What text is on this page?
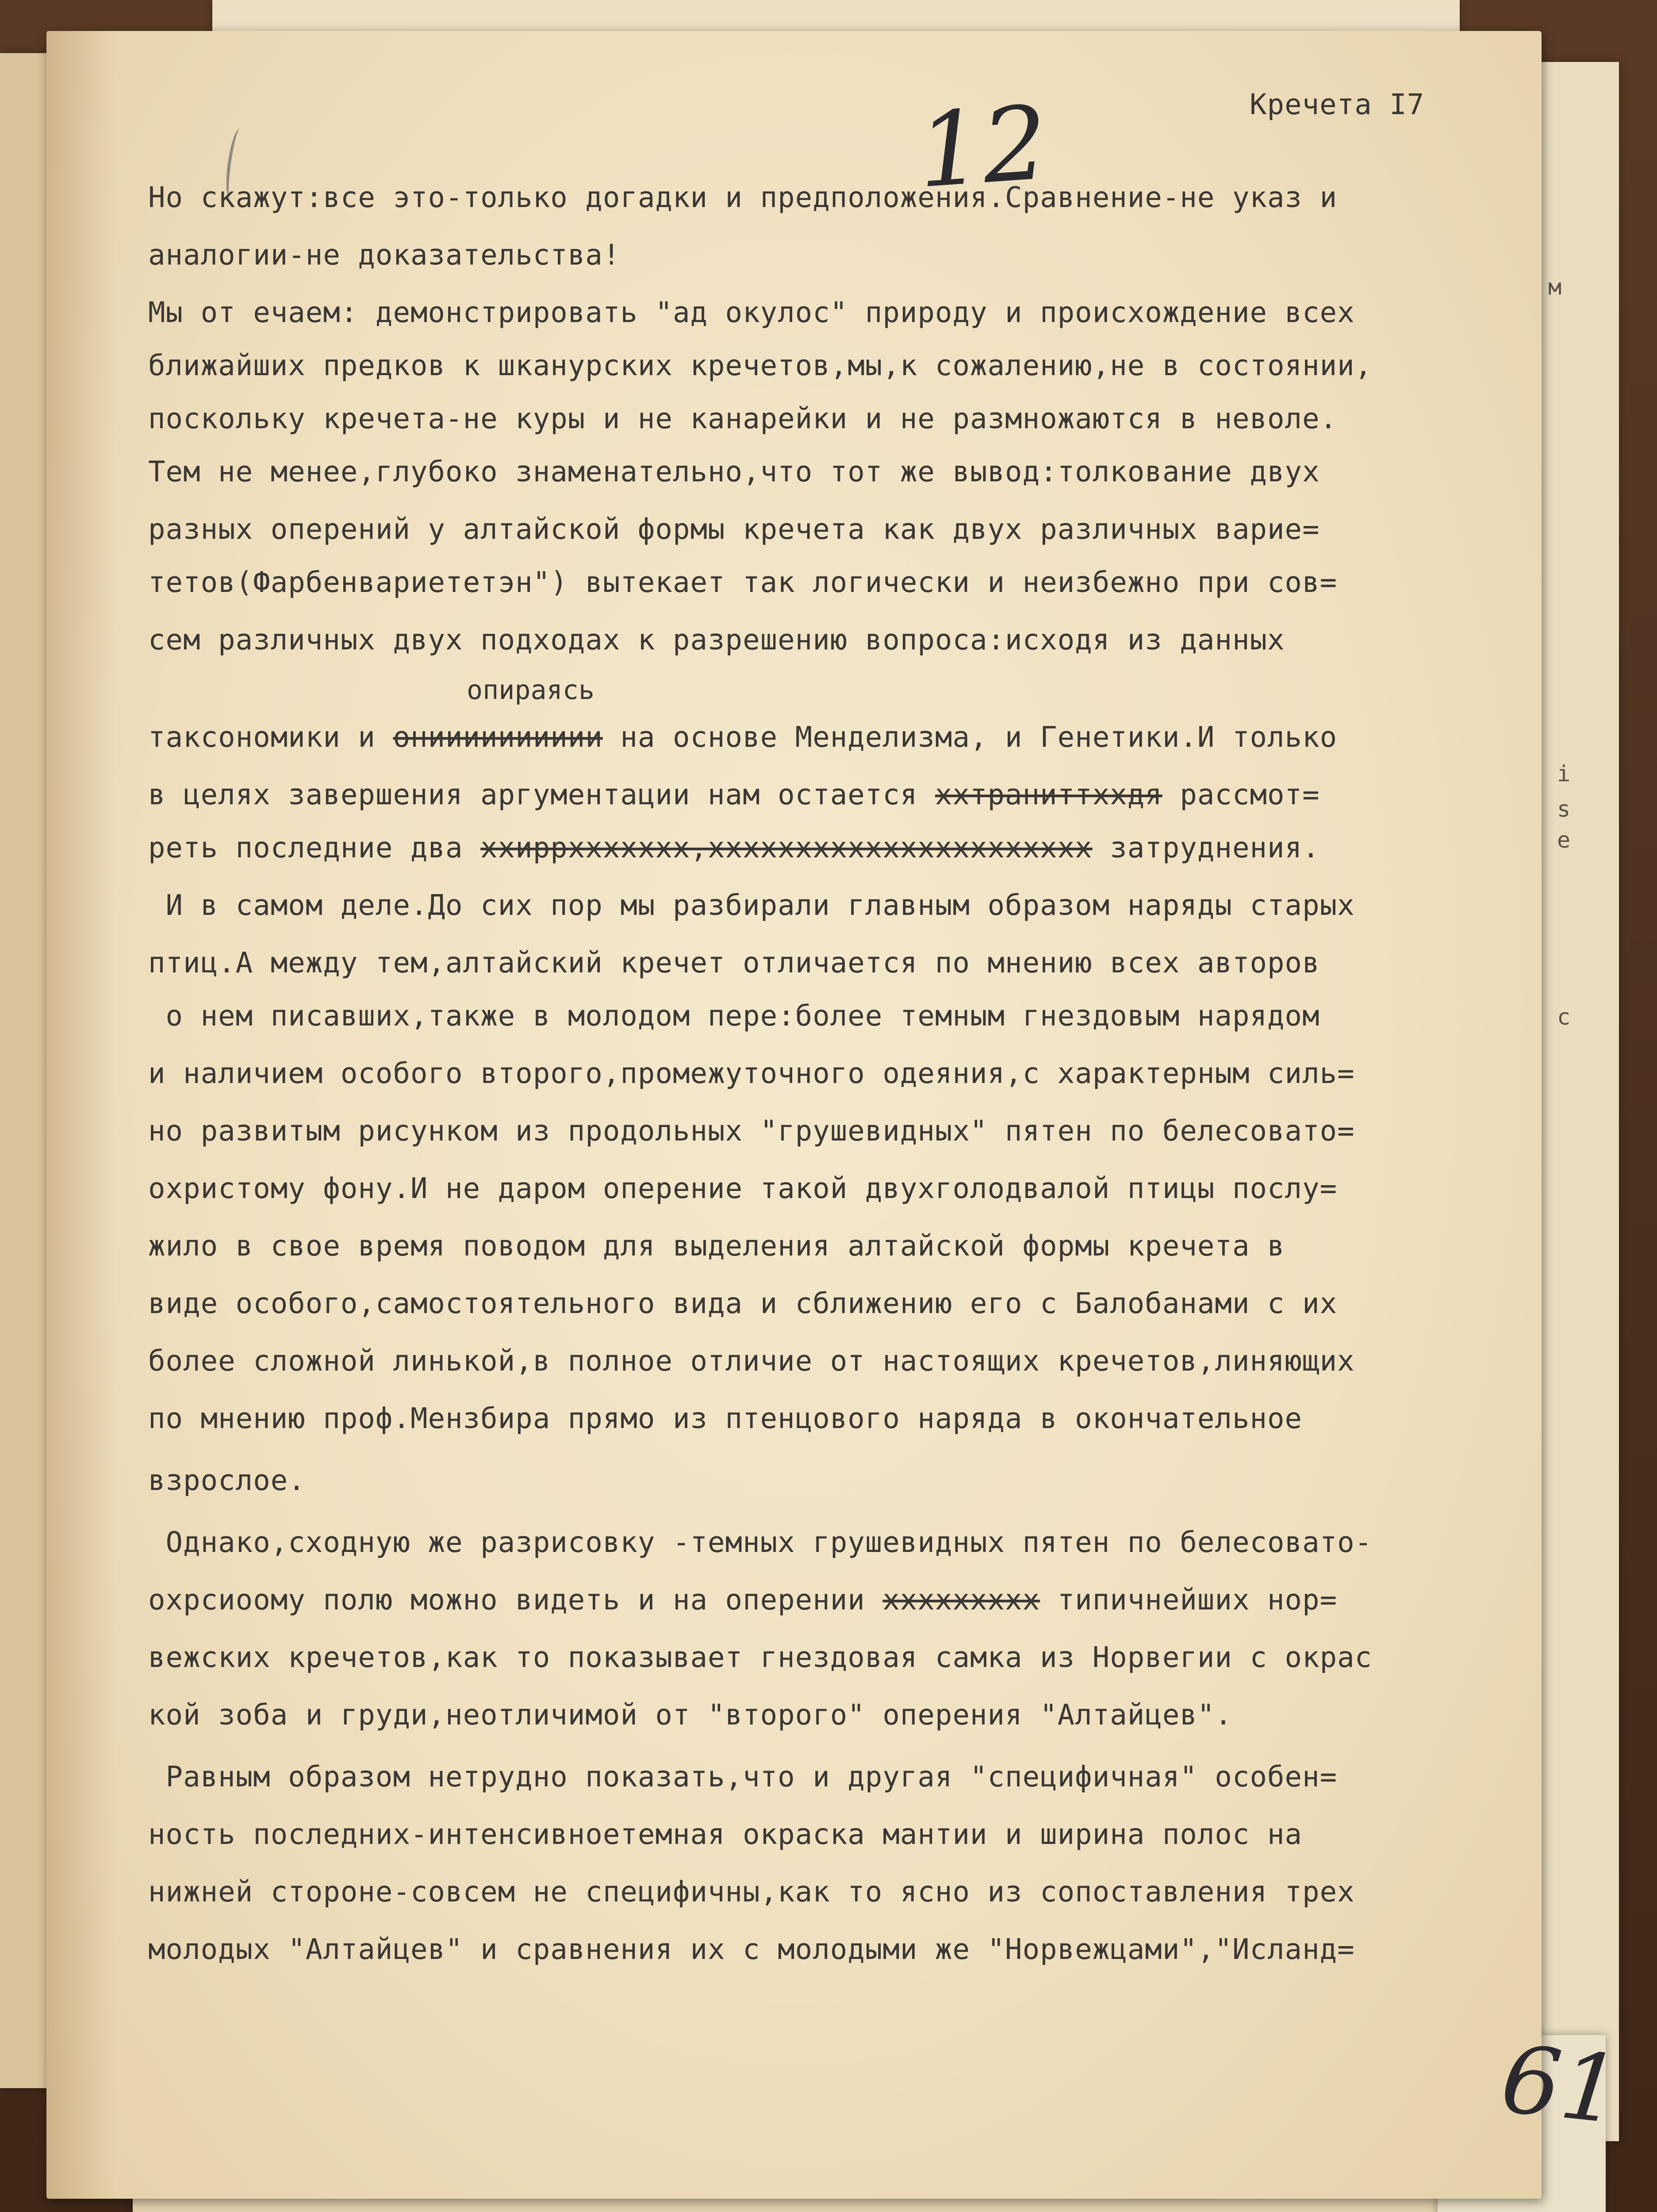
м
i
s
e
c
Кречета I7
12
Но скажут:все это-только догадки и предположения.Сравнение-не указ и
аналогии-не доказательства!
Мы от ечаем: демонстрировать "ад окулос" природу и происхождение всех
ближайших предков к шканурских кречетов,мы,к сожалению,не в состоянии,
поскольку кречета-не куры и не канарейки и не размножаются в неволе.
Тем не менее,глубоко знаменательно,что тот же вывод:толкование двух
разных оперений у алтайской формы кречета как двух различных варие=
тетов(Фарбенвариететэн") вытекает так логически и неизбежно при сов=
сем различных двух подходах к разрешению вопроса:исходя из данных
опираясь
таксономики и онииииииииии на основе Менделизма, и Генетики.И только
в целях завершения аргументации нам остается ххтраниттххдя рассмот=
реть последние два ххиррххххххх,хххххххххххххххххххххх затруднения.
И в самом деле.До сих пор мы разбирали главным образом наряды старых
птиц.А между тем,алтайский кречет отличается по мнению всех авторов
о нем писавших,также в молодом пере:более темным гнездовым нарядом
и наличием особого второго,промежуточного одеяния,с характерным силь=
но развитым рисунком из продольных "грушевидных" пятен по белесовато=
охристому фону.И не даром оперение такой двухголодвалой птицы послу=
жило в свое время поводом для выделения алтайской формы кречета в
виде особого,самостоятельного вида и сближению его с Балобанами с их
более сложной линькой,в полное отличие от настоящих кречетов,линяющих
по мнению проф.Мензбира прямо из птенцового наряда в окончательное
взрослое.
Однако,сходную же разрисовку -темных грушевидных пятен по белесовато-
охрсиоому полю можно видеть и на оперении ххххххххх типичнейших нор=
вежских кречетов,как то показывает гнездовая самка из Норвегии с окрас
кой зоба и груди,неотличимой от "второго" оперения "Алтайцев".
Равным образом нетрудно показать,что и другая "специфичная" особен=
ность последних-интенсивноетемная окраска мантии и ширина полос на
нижней стороне-совсем не специфичны,как то ясно из сопоставления трех
молодых "Алтайцев" и сравнения их с молодыми же "Норвежцами","Исланд=
61
